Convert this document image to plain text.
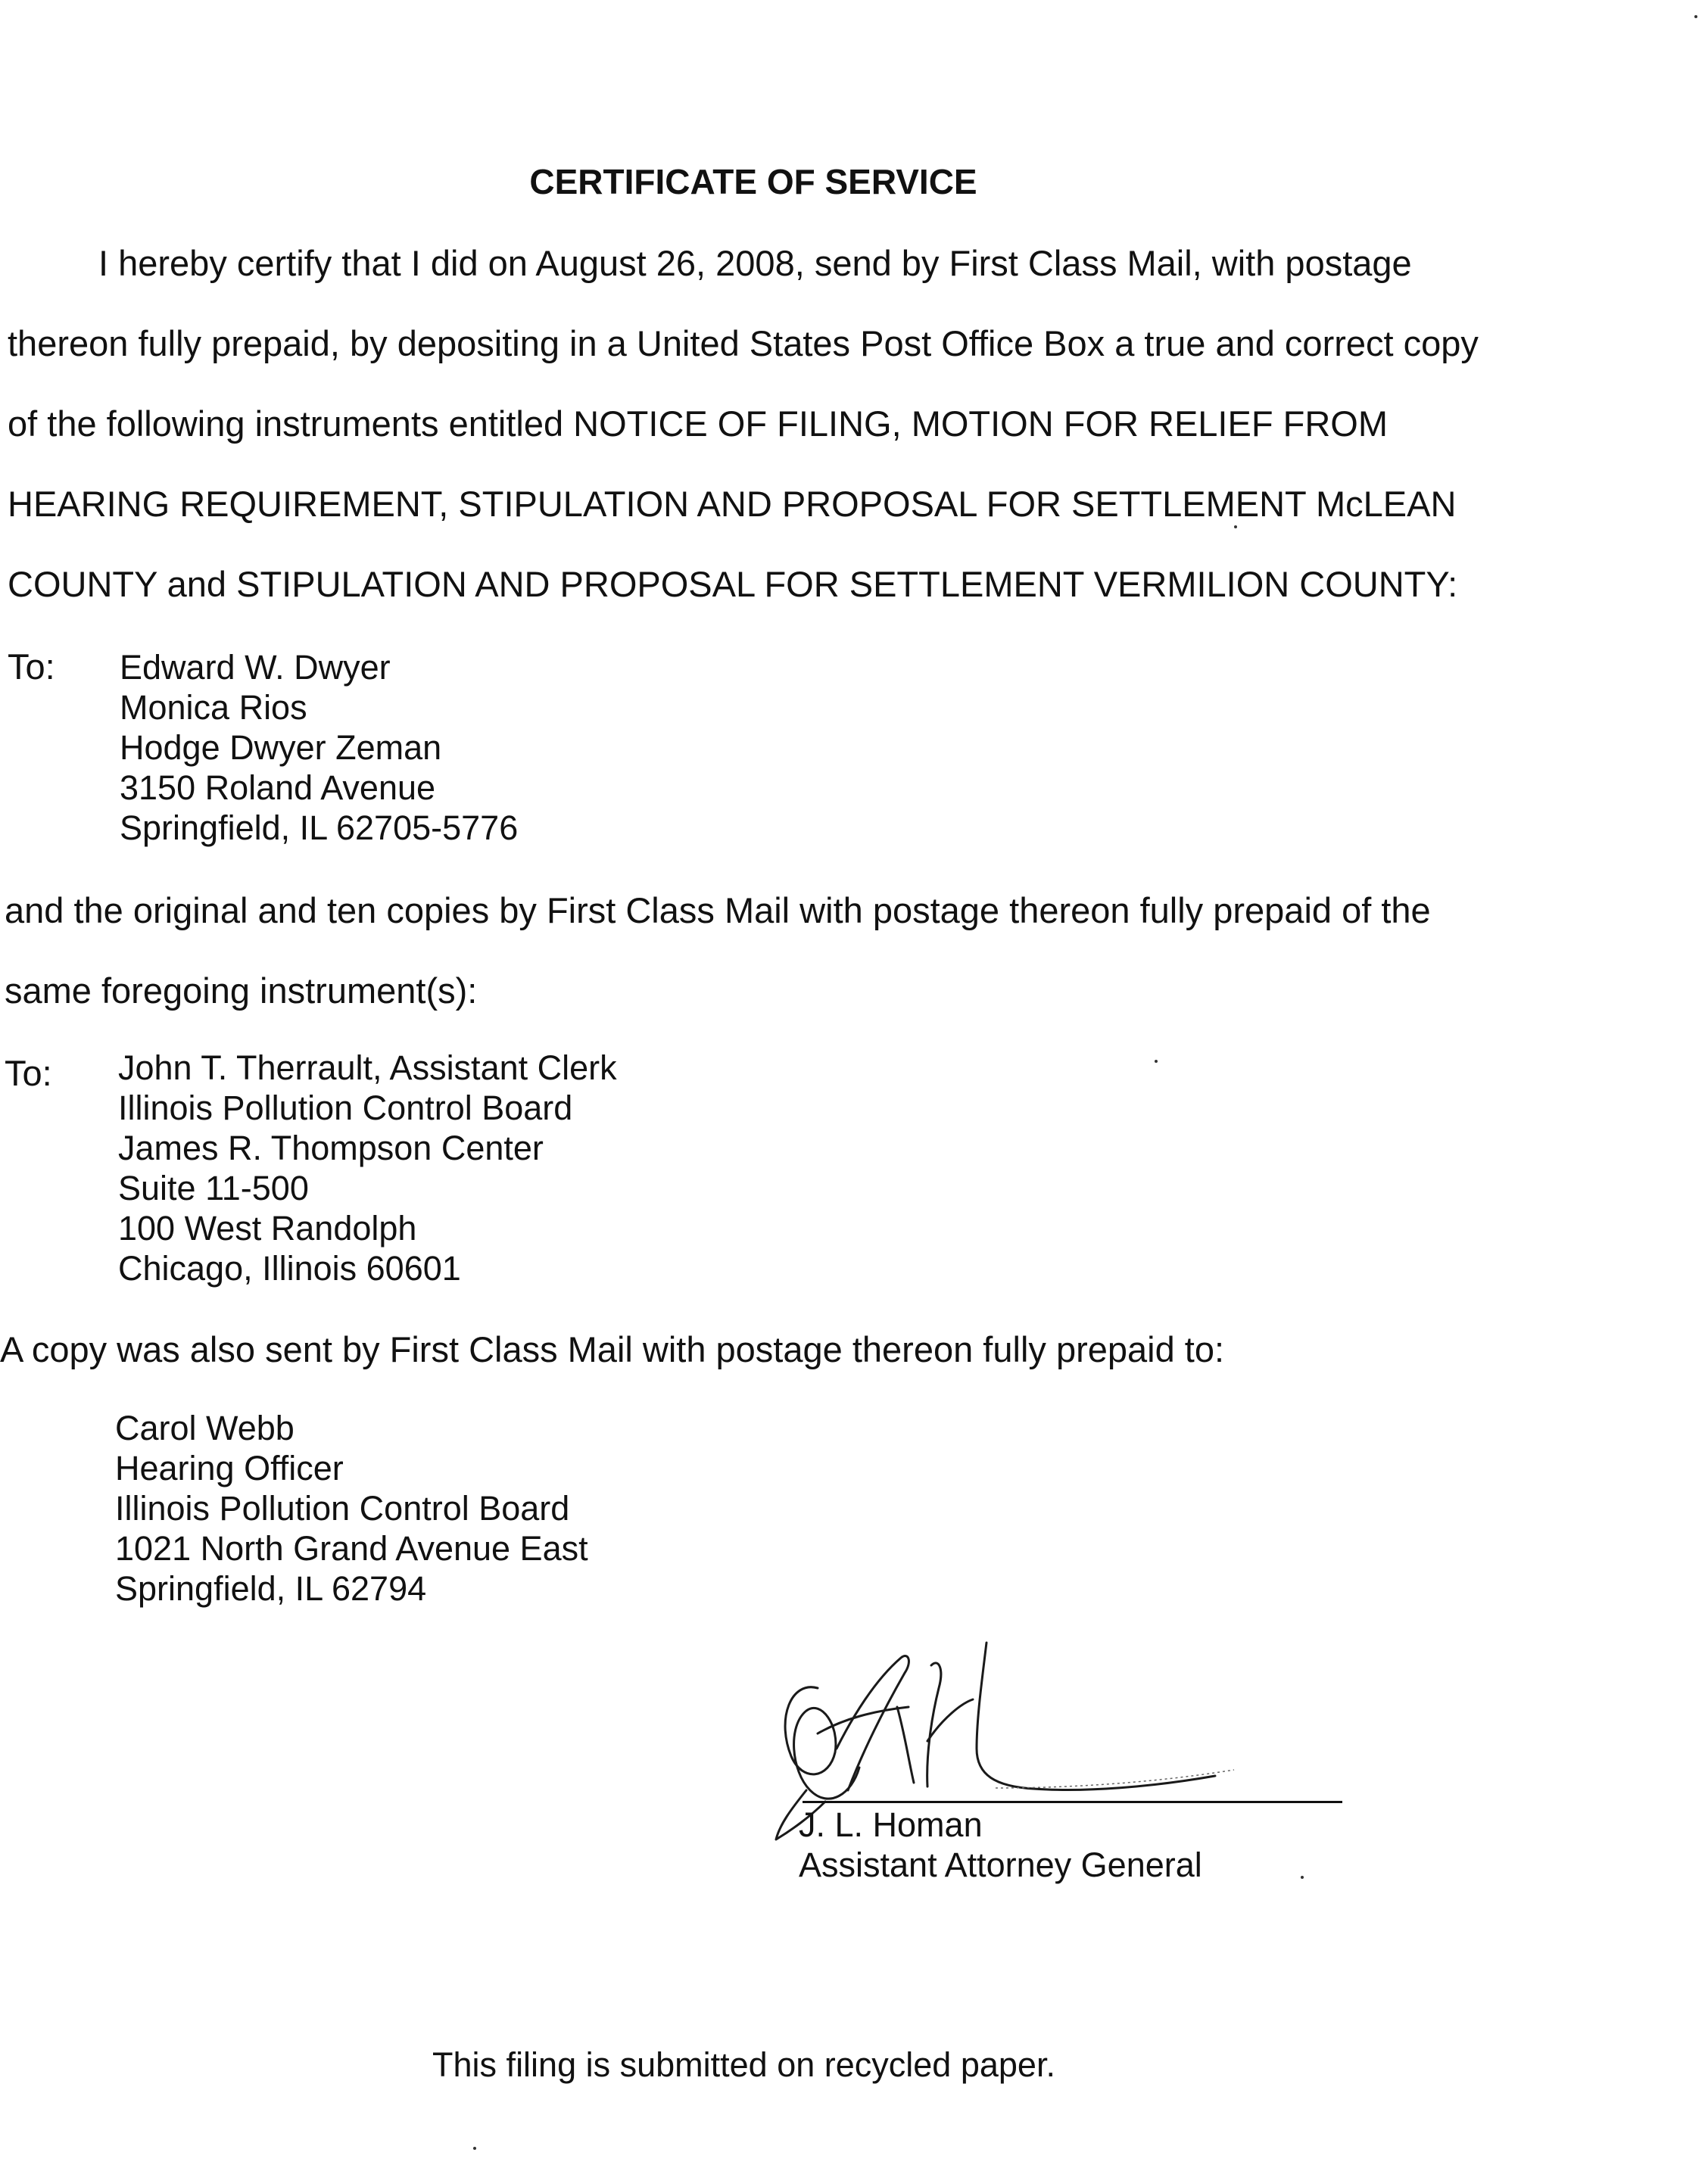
CERTIFICATE OF SERVICE
I hereby certify that I did on August 26, 2008, send by First Class Mail, with postage
thereon fully prepaid, by depositing in a United States Post Office Box a true and correct copy
of the following instruments entitled NOTICE OF FILING, MOTION FOR RELIEF FROM
HEARING REQUIREMENT, STIPULATION AND PROPOSAL FOR SETTLEMENT McLEAN
COUNTY and STIPULATION AND PROPOSAL FOR SETTLEMENT VERMILION COUNTY:
To: Edward W. Dwyer
Monica Rios
Hodge Dwyer Zeman
3150 Roland Avenue
Springfield, IL 62705-5776
and the original and ten copies by First Class Mail with postage thereon fully prepaid of the
same foregoing instrument(s):
To: John T. Therrault, Assistant Clerk
Illinois Pollution Control Board
James R. Thompson Center
Suite 11-500
100 West Randolph
Chicago, Illinois 60601
A copy was also sent by First Class Mail with postage thereon fully prepaid to:
Carol Webb
Hearing Officer
Illinois Pollution Control Board
1021 North Grand Avenue East
Springfield, IL 62794
J. L. Homan
Assistant Attorney General
This filing is submitted on recycled paper.
